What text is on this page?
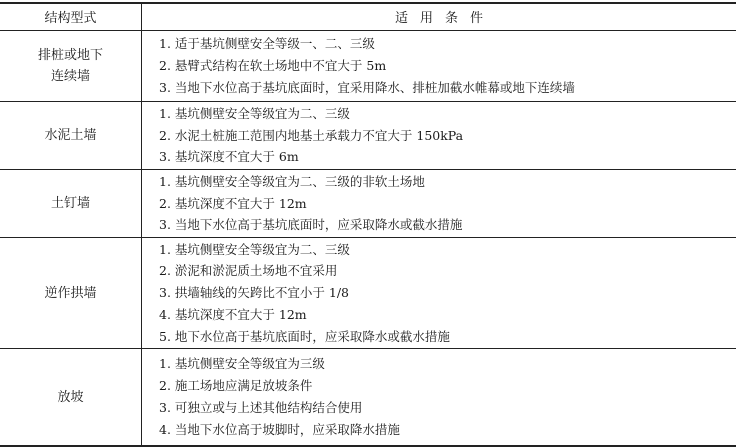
结构型式	适用条件
排桩或地下
连续墙
1. 适于基坑侧壁安全等级一、二、三级
2. 悬臂式结构在软土场地中不宜大于 5m
3. 当地下水位高于基坑底面时，宜采用降水、排桩加截水帷幕或地下连续墙
水泥土墙
1. 基坑侧壁安全等级宜为二、三级
2. 水泥土桩施工范围内地基土承载力不宜大于 150kPa
3. 基坑深度不宜大于 6m
土钉墙
1. 基坑侧壁安全等级宜为二、三级的非软土场地
2. 基坑深度不宜大于 12m
3. 当地下水位高于基坑底面时，应采取降水或截水措施
逆作拱墙
1. 基坑侧壁安全等级宜为二、三级
2. 淤泥和淤泥质土场地不宜采用
3. 拱墙轴线的矢跨比不宜小于 1/8
4. 基坑深度不宜大于 12m
5. 地下水位高于基坑底面时，应采取降水或截水措施
放坡
1. 基坑侧壁安全等级宜为三级
2. 施工场地应满足放坡条件
3. 可独立或与上述其他结构结合使用
4. 当地下水位高于坡脚时，应采取降水措施
